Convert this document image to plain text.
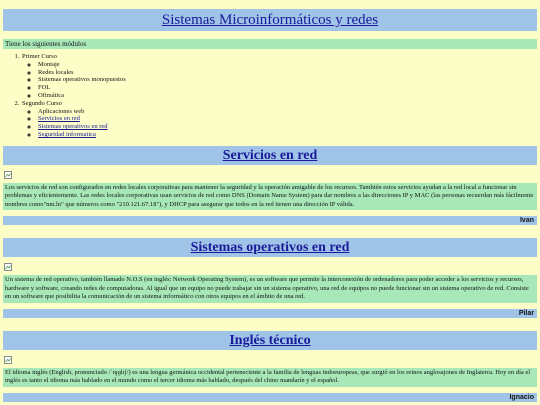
Sistemas Microinformáticos y redes
Tiene los siguientes módulos
1. Primer Curso
◦ Montaje
◦ Redes locales
◦ Sistemas operativos monopuestos
◦ FOL
◦ Ofimática
2. Segundo Curso
◦ Aplicaciones web
◦ Servicios en red
◦ Sistemas operativos en red
◦ Seguridad informatica
Servicios en red
Los servicios de red son configurados en redes locales corporativas para mantener la seguridad y la operación amigable de los recursos. También estos servicios ayudan a la red local a funcionar sin problemas y eficientemente. Las redes locales corporativas usan servicios de red como DNS (Domain Name System) para dar nombres a las direcciones IP y MAC (las personas recuerdan más fácilmente nombres como"nm.ln" que números como "210.121.67.18"), y DHCP para asegurar que todos en la red tienen una dirección IP válida.
Ivan
Sistemas operativos en red
Un sistema de red operativo, también llamado N.O.S (en inglés: Network Operating System), es un software que permite la interconexión de ordenadores para poder acceder a los servicios y recursos, hardware y software, creando redes de computadoras. Al igual que un equipo no puede trabajar sin un sistema operativo, una red de equipos no puede funcionar sin un sistema operativo de red. Consiste en un software que posibilita la comunicación de un sistema informático con otros equipos en el ámbito de una red.
Pilar
Inglés técnico
El idioma inglés (English, pronunciado /ˈɪŋɡlɪʃ/) es una lengua germánica occidental perteneciente a la familia de lenguas indoeuropeas, que surgió en los reinos anglosajones de Inglaterra. Hoy en día el inglés es tanto el idioma más hablado en el mundo como el tercer idioma más hablado, después del chino mandarín y el español.
Ignacio
